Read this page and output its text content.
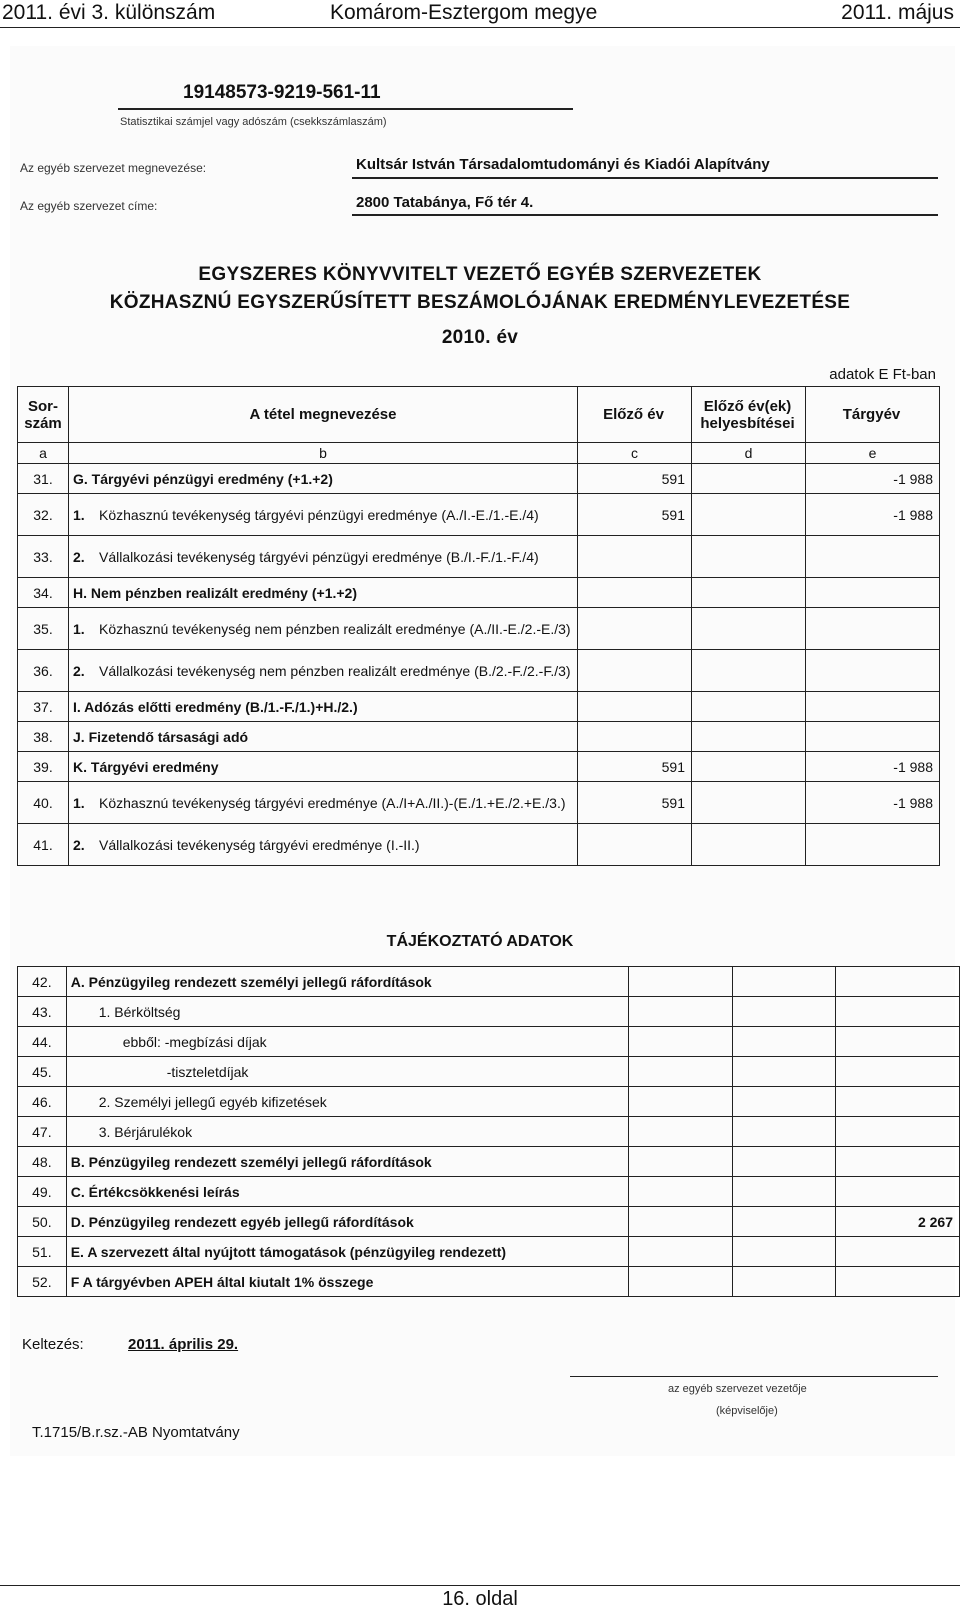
2011. évi 3. különszám	Komárom-Esztergom megye	2011. május
19148573-9219-561-11
Statisztikai számjel vagy adószám (csekkszámlaszám)
Az egyéb szervezet megnevezése:	Kultsár István Társadalomtudományi és Kiadói Alapítvány
Az egyéb szervezet címe:	2800 Tatabánya, Fő tér 4.
EGYSZERES KÖNYVVITELT VEZETŐ EGYÉB SZERVEZETEK
KÖZHASZNÚ EGYSZERŰSÍTETT BESZÁMOLÓJÁNAK EREDMÉNYLEVEZETÉSE
2010. év
adatok E Ft-ban
Sor-szám	A tétel megnevezése	Előző év	Előző év(ek) helyesbítései	Tárgyév
a	b	c	d	e
31.	G. Tárgyévi pénzügyi eredmény (+1.+2)	591		-1 988
32.	1. Közhasznú tevékenység tárgyévi pénzügyi eredménye (A./I.-E./1.-E./4)	591		-1 988
33.	2. Vállalkozási tevékenység tárgyévi pénzügyi eredménye (B./I.-F./1.-F./4)			
34.	H. Nem pénzben realizált eredmény (+1.+2)			
35.	1. Közhasznú tevékenység nem pénzben realizált eredménye (A./II.-E./2.-E./3)			
36.	2. Vállalkozási tevékenység nem pénzben realizált eredménye (B./2.-F./2.-F./3)			
37.	I. Adózás előtti eredmény (B./1.-F./1.)+H./2.)			
38.	J. Fizetendő társasági adó			
39.	K. Tárgyévi eredmény	591		-1 988
40.	1. Közhasznú tevékenység tárgyévi eredménye (A./I+A./II.)-(E./1.+E./2.+E./3.)	591		-1 988
41.	2. Vállalkozási tevékenység tárgyévi eredménye (I.-II.)			
TÁJÉKOZTATÓ ADATOK
42.	A. Pénzügyileg rendezett személyi jellegű ráfordítások			
43.	1. Bérköltség			
44.	ebből: -megbízási díjak			
45.	-tiszteletdíjak			
46.	2. Személyi jellegű egyéb kifizetések			
47.	3. Bérjárulékok			
48.	B. Pénzügyileg rendezett személyi jellegű ráfordítások			
49.	C. Értékcsökkenési leírás			
50.	D. Pénzügyileg rendezett egyéb jellegű ráfordítások			2 267
51.	E. A szervezett által nyújtott támogatások (pénzügyileg rendezett)			
52.	F A tárgyévben APEH által kiutalt 1% összege			
Keltezés:	2011. április 29.
az egyéb szervezet vezetője
(képviselője)
T.1715/B.r.sz.-AB Nyomtatvány
16. oldal
